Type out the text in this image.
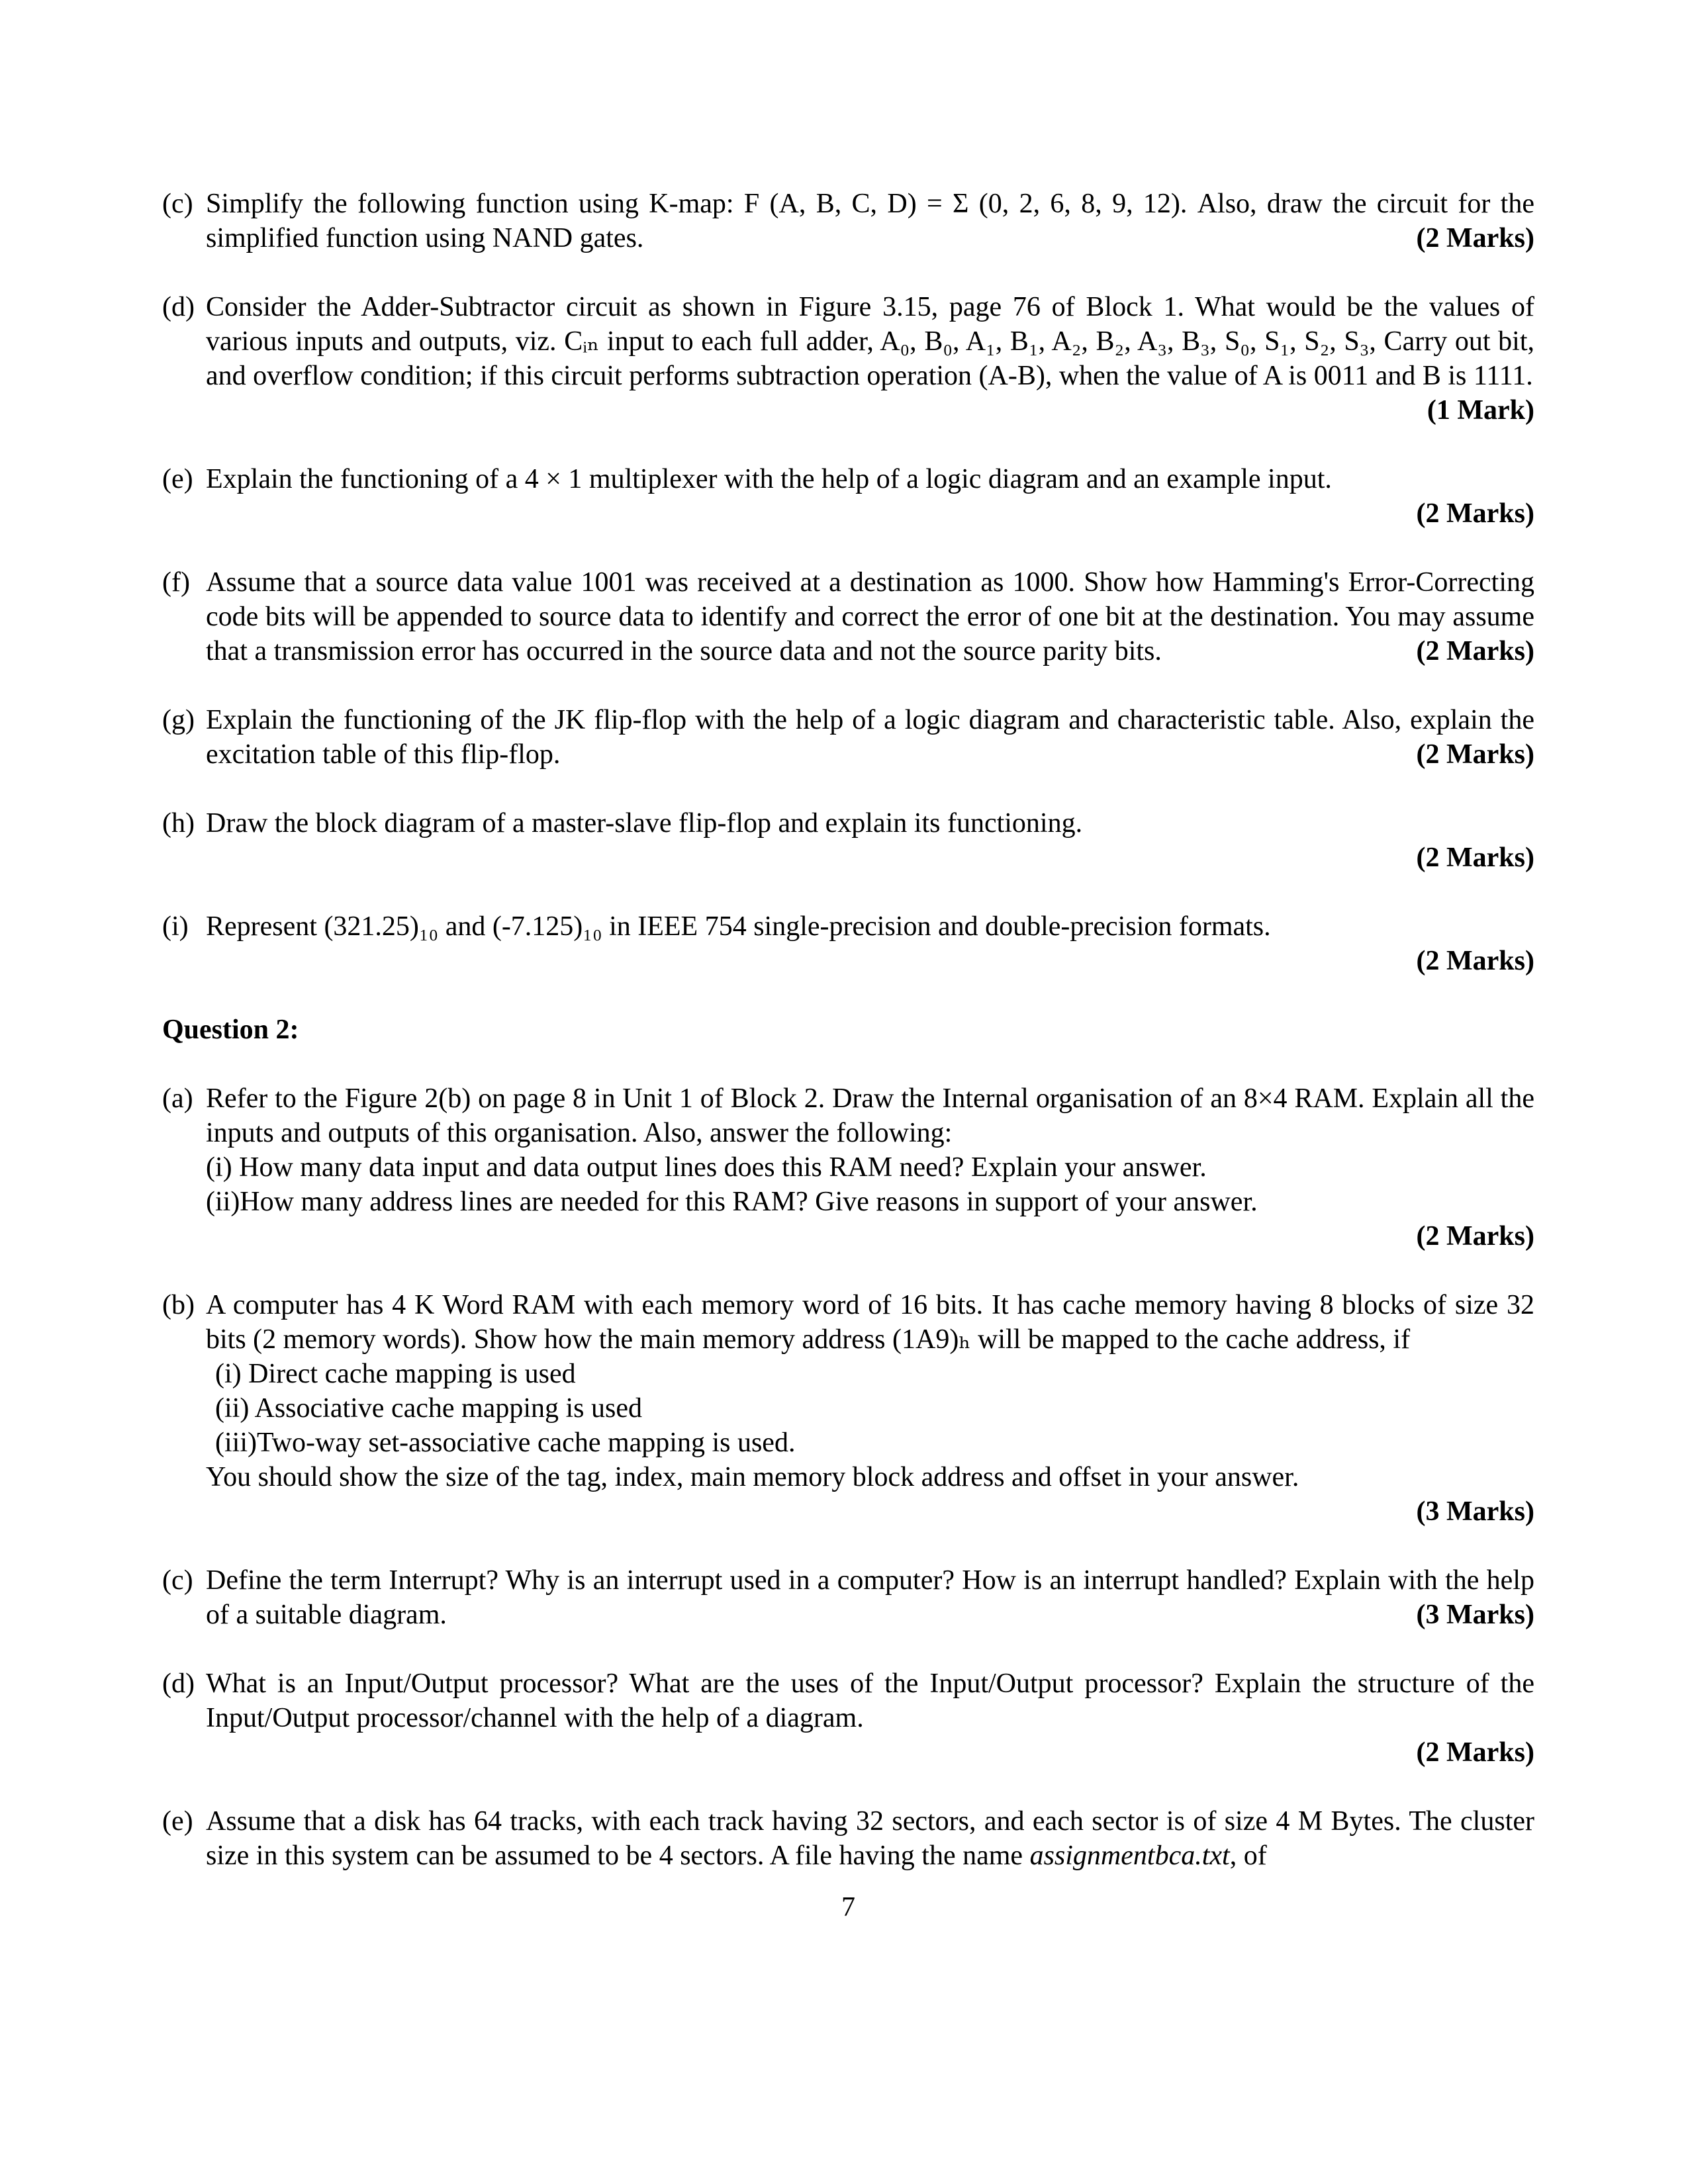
(c) Simplify the following function using K-map: F (A, B, C, D) = Σ (0, 2, 6, 8, 9, 12). Also, draw the circuit for the simplified function using NAND gates.	(2 Marks)
(d) Consider the Adder-Subtractor circuit as shown in Figure 3.15, page 76 of Block 1. What would be the values of various inputs and outputs, viz. Cᵢₙ input to each full adder, A₀, B₀, A₁, B₁, A₂, B₂, A₃, B₃, S₀, S₁, S₂, S₃, Carry out bit, and overflow condition; if this circuit performs subtraction operation (A-B), when the value of A is 0011 and B is 1111.
(1 Mark)
(e) Explain the functioning of a 4 × 1 multiplexer with the help of a logic diagram and an example input.
(2 Marks)
(f) Assume that a source data value 1001 was received at a destination as 1000. Show how Hamming's Error-Correcting code bits will be appended to source data to identify and correct the error of one bit at the destination. You may assume that a transmission error has occurred in the source data and not the source parity bits.	(2 Marks)
(g) Explain the functioning of the JK flip-flop with the help of a logic diagram and characteristic table. Also, explain the excitation table of this flip-flop.	(2 Marks)
(h) Draw the block diagram of a master-slave flip-flop and explain its functioning.
(2 Marks)
(i) Represent (321.25)₁₀ and (-7.125)₁₀ in IEEE 754 single-precision and double-precision formats.
(2 Marks)
Question 2:
(a) Refer to the Figure 2(b) on page 8 in Unit 1 of Block 2. Draw the Internal organisation of an 8×4 RAM. Explain all the inputs and outputs of this organisation. Also, answer the following:
(i) How many data input and data output lines does this RAM need? Explain your answer.
(ii)How many address lines are needed for this RAM? Give reasons in support of your answer.
(2 Marks)
(b) A computer has 4 K Word RAM with each memory word of 16 bits. It has cache memory having 8 blocks of size 32 bits (2 memory words). Show how the main memory address (1A9)ₕ will be mapped to the cache address, if
(i) Direct cache mapping is used
(ii) Associative cache mapping is used
(iii)Two-way set-associative cache mapping is used.
You should show the size of the tag, index, main memory block address and offset in your answer.
(3 Marks)
(c) Define the term Interrupt? Why is an interrupt used in a computer? How is an interrupt handled? Explain with the help of a suitable diagram.	(3 Marks)
(d) What is an Input/Output processor? What are the uses of the Input/Output processor? Explain the structure of the Input/Output processor/channel with the help of a diagram.
(2 Marks)
(e) Assume that a disk has 64 tracks, with each track having 32 sectors, and each sector is of size 4 M Bytes. The cluster size in this system can be assumed to be 4 sectors. A file having the name assignmentbca.txt, of
7
